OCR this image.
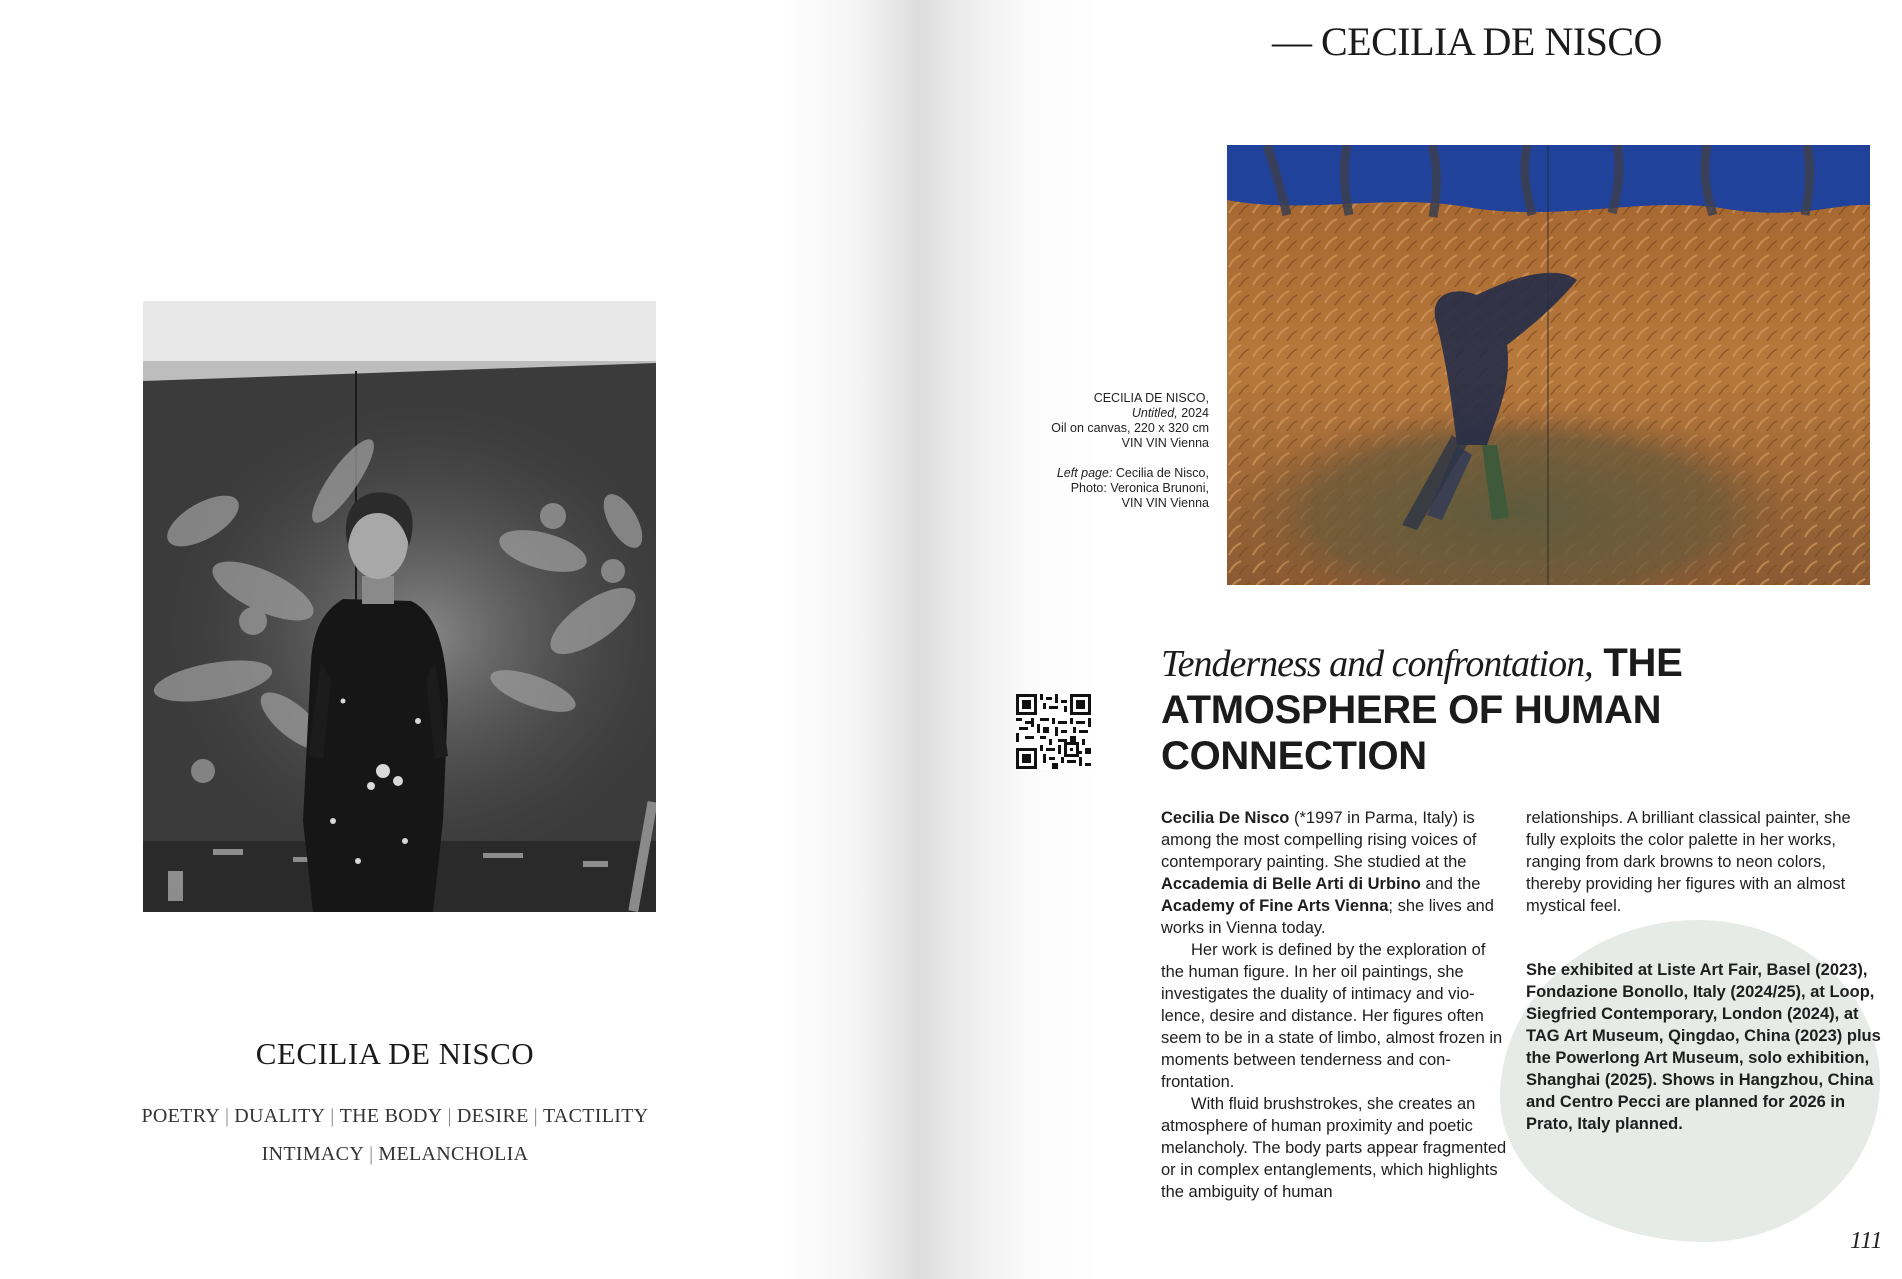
CECILIA DE NISCO
POETRY | DUALITY | THE BODY | DESIRE | TACTILITY
INTIMACY | MELANCHOLIA
— CECILIA DE NISCO
CECILIA DE NISCO,
Untitled, 2024
Oil on canvas, 220 x 320 cm
VIN VIN Vienna
Left page: Cecilia de Nisco,
Photo: Veronica Brunoni,
VIN VIN Vienna
Tenderness and confrontation, THE ATMOSPHERE OF HUMAN CONNECTION

Cecilia De Nisco (*1997 in Parma, Italy) is among the most compelling rising voices of contemporary painting. She studied at the Accademia di Belle Arti di Urbino and the Academy of Fine Arts Vienna; she lives and works in Vienna today.

Her work is defined by the exploration of the human figure. In her oil paintings, she investigates the duality of intimacy and vio-lence, desire and distance. Her figures often seem to be in a state of limbo, almost frozen in moments between tenderness and con-frontation.

With fluid brushstrokes, she creates an atmosphere of human proximity and poetic melancholy. The body parts appear fragmented or in complex entanglements, which highlights the ambiguity of human

relationships. A brilliant classical painter, she fully exploits the color palette in her works, ranging from dark browns to neon colors, thereby providing her figures with an almost mystical feel.

She exhibited at Liste Art Fair, Basel (2023), Fondazione Bonollo, Italy (2024/25), at Loop, Siegfried Contemporary, London (2024), at TAG Art Museum, Qingdao, China (2023) plus the Powerlong Art Museum, solo exhibition, Shanghai (2025). Shows in Hangzhou, China and Centro Pecci are planned for 2026 in Prato, Italy planned.
111
